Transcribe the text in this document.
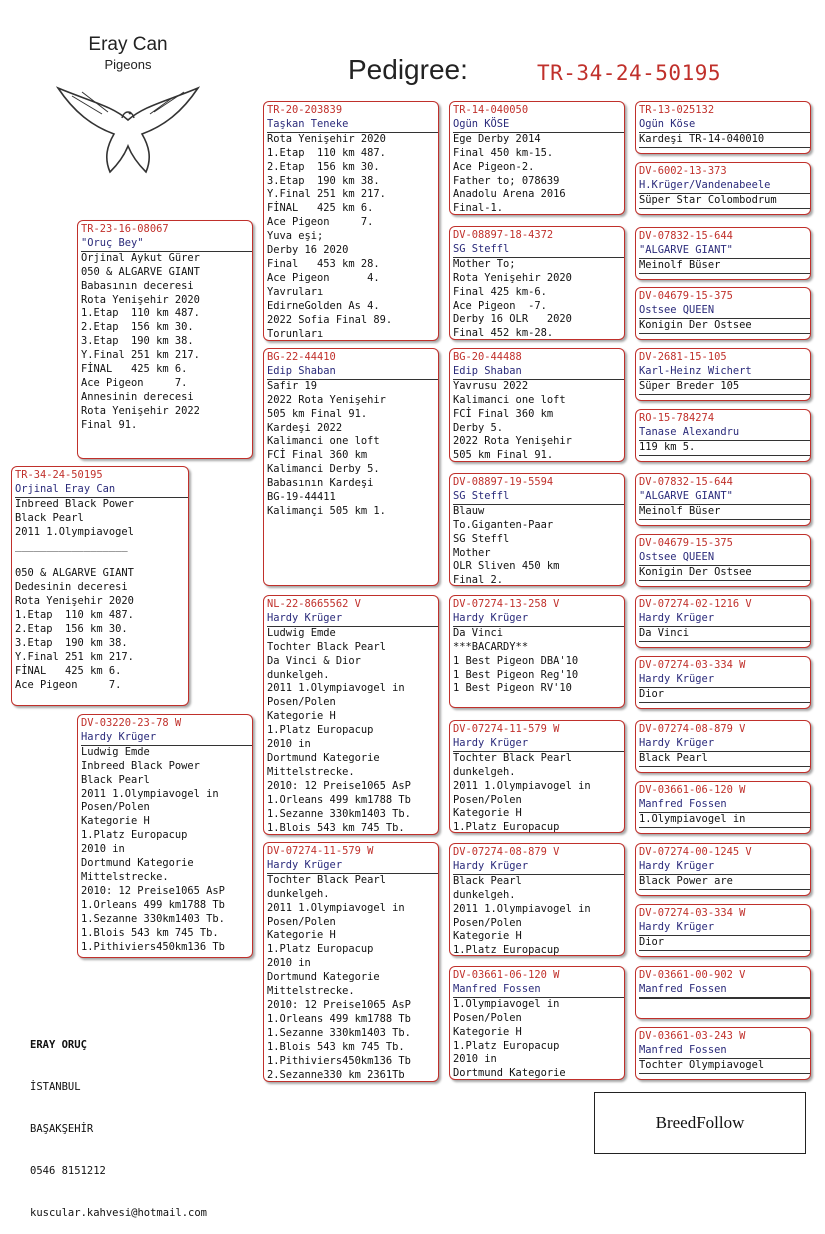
Eray Can
Pigeons	Pedigree:	TR-34-24-50195
TR-34-24-50195
Orjinal Eray Can
Inbreed Black Power
Black Pearl
2011 1.Olympiavogel
__________________

050 & ALGARVE GIANT
Dedesinin deceresi
Rota Yenişehir 2020
1.Etap  110 km 487.
2.Etap  156 km 30.
3.Etap  190 km 38.
Y.Final 251 km 217.
FİNAL   425 km 6.
Ace Pigeon     7.
TR-23-16-08067
"Oruç Bey"
Orjinal Aykut Gürer
050 & ALGARVE GIANT
Babasının deceresi
Rota Yenişehir 2020
1.Etap  110 km 487.
2.Etap  156 km 30.
3.Etap  190 km 38.
Y.Final 251 km 217.
FİNAL   425 km 6.
Ace Pigeon     7.
Annesinin derecesi
Rota Yenişehir 2022
Final 91.
DV-03220-23-78 W
Hardy Krüger
Ludwig Emde
Inbreed Black Power
Black Pearl
2011 1.Olympiavogel in
Posen/Polen
Kategorie H
1.Platz Europacup
2010 in
Dortmund Kategorie
Mittelstrecke.
2010: 12 Preise1065 AsP
1.Orleans 499 km1788 Tb
1.Sezanne 330km1403 Tb.
1.Blois 543 km 745 Tb.
1.Pithiviers450km136 Tb
TR-20-203839
Taşkan Teneke
Rota Yenişehir 2020
1.Etap  110 km 487.
2.Etap  156 km 30.
3.Etap  190 km 38.
Y.Final 251 km 217.
FİNAL   425 km 6.
Ace Pigeon     7.
Yuva eşi;
Derby 16 2020
Final   453 km 28.
Ace Pigeon      4.
Yavruları
EdirneGolden As 4.
2022 Sofia Final 89.
Torunları
BG-22-44410
Edip Shaban
Safir 19
2022 Rota Yenişehir
505 km Final 91.
Kardeşi 2022
Kalimanci one loft
FCİ Final 360 km
Kalimanci Derby 5.
Babasının Kardeşi
BG-19-44411
Kalimançi 505 km 1.
NL-22-8665562 V
Hardy Krüger
Ludwig Emde
Tochter Black Pearl
Da Vinci & Dior
dunkelgeh.
2011 1.Olympiavogel in
Posen/Polen
Kategorie H
1.Platz Europacup
2010 in
Dortmund Kategorie
Mittelstrecke.
2010: 12 Preise1065 AsP
1.Orleans 499 km1788 Tb
1.Sezanne 330km1403 Tb.
1.Blois 543 km 745 Tb.
DV-07274-11-579 W
Hardy Krüger
Tochter Black Pearl
dunkelgeh.
2011 1.Olympiavogel in
Posen/Polen
Kategorie H
1.Platz Europacup
2010 in
Dortmund Kategorie
Mittelstrecke.
2010: 12 Preise1065 AsP
1.Orleans 499 km1788 Tb
1.Sezanne 330km1403 Tb.
1.Blois 543 km 745 Tb.
1.Pithiviers450km136 Tb
2.Sezanne330 km 2361Tb
TR-14-040050
Ogün KÖSE
Ege Derby 2014
Final 450 km-15.
Ace Pigeon-2.
Father to; 078639
Anadolu Arena 2016
Final-1.
DV-08897-18-4372
SG Steffl
Mother To;
Rota Yenişehir 2020
Final 425 km-6.
Ace Pigeon  -7.
Derby 16 OLR   2020
Final 452 km-28.
BG-20-44488
Edip Shaban
Yavrusu 2022
Kalimanci one loft
FCİ Final 360 km
Derby 5.
2022 Rota Yenişehir
505 km Final 91.
DV-08897-19-5594
SG Steffl
Blauw
To.Giganten-Paar
SG Steffl
Mother
OLR Sliven 450 km
Final 2.
DV-07274-13-258 V
Hardy Krüger
Da Vinci
***BACARDY**
1 Best Pigeon DBA'10
1 Best Pigeon Reg'10
1 Best Pigeon RV'10
DV-07274-11-579 W
Hardy Krüger
Tochter Black Pearl
dunkelgeh.
2011 1.Olympiavogel in
Posen/Polen
Kategorie H
1.Platz Europacup
DV-07274-08-879 V
Hardy Krüger
Black Pearl
dunkelgeh.
2011 1.Olympiavogel in
Posen/Polen
Kategorie H
1.Platz Europacup
DV-03661-06-120 W
Manfred Fossen
1.Olympiavogel in
Posen/Polen
Kategorie H
1.Platz Europacup
2010 in
Dortmund Kategorie
TR-13-025132
Ogün Köse
Kardeşi TR-14-040010
DV-6002-13-373
H.Krüger/Vandenabeele
Süper Star Colombodrum
DV-07832-15-644
"ALGARVE GIANT"
Meinolf Büser
DV-04679-15-375
Ostsee QUEEN
Konigin Der Ostsee
DV-2681-15-105
Karl-Heinz Wichert
Süper Breder 105
RO-15-784274
Tanase Alexandru
119 km 5.
DV-07832-15-644
"ALGARVE GIANT"
Meinolf Büser
DV-04679-15-375
Ostsee QUEEN
Konigin Der Ostsee
DV-07274-02-1216 V
Hardy Krüger
Da Vinci
DV-07274-03-334 W
Hardy Krüger
Dior
DV-07274-08-879 V
Hardy Krüger
Black Pearl
DV-03661-06-120 W
Manfred Fossen
1.Olympiavogel in
DV-07274-00-1245 V
Hardy Krüger
Black Power are
DV-07274-03-334 W
Hardy Krüger
Dior
DV-03661-00-902 V
Manfred Fossen
DV-03661-03-243 W
Manfred Fossen
Tochter Olympiavogel

ERAY ORUÇ

İSTANBUL

BAŞAKŞEHİR

0546 8151212

kuscular.kahvesi@hotmail.com

BreedFollow
